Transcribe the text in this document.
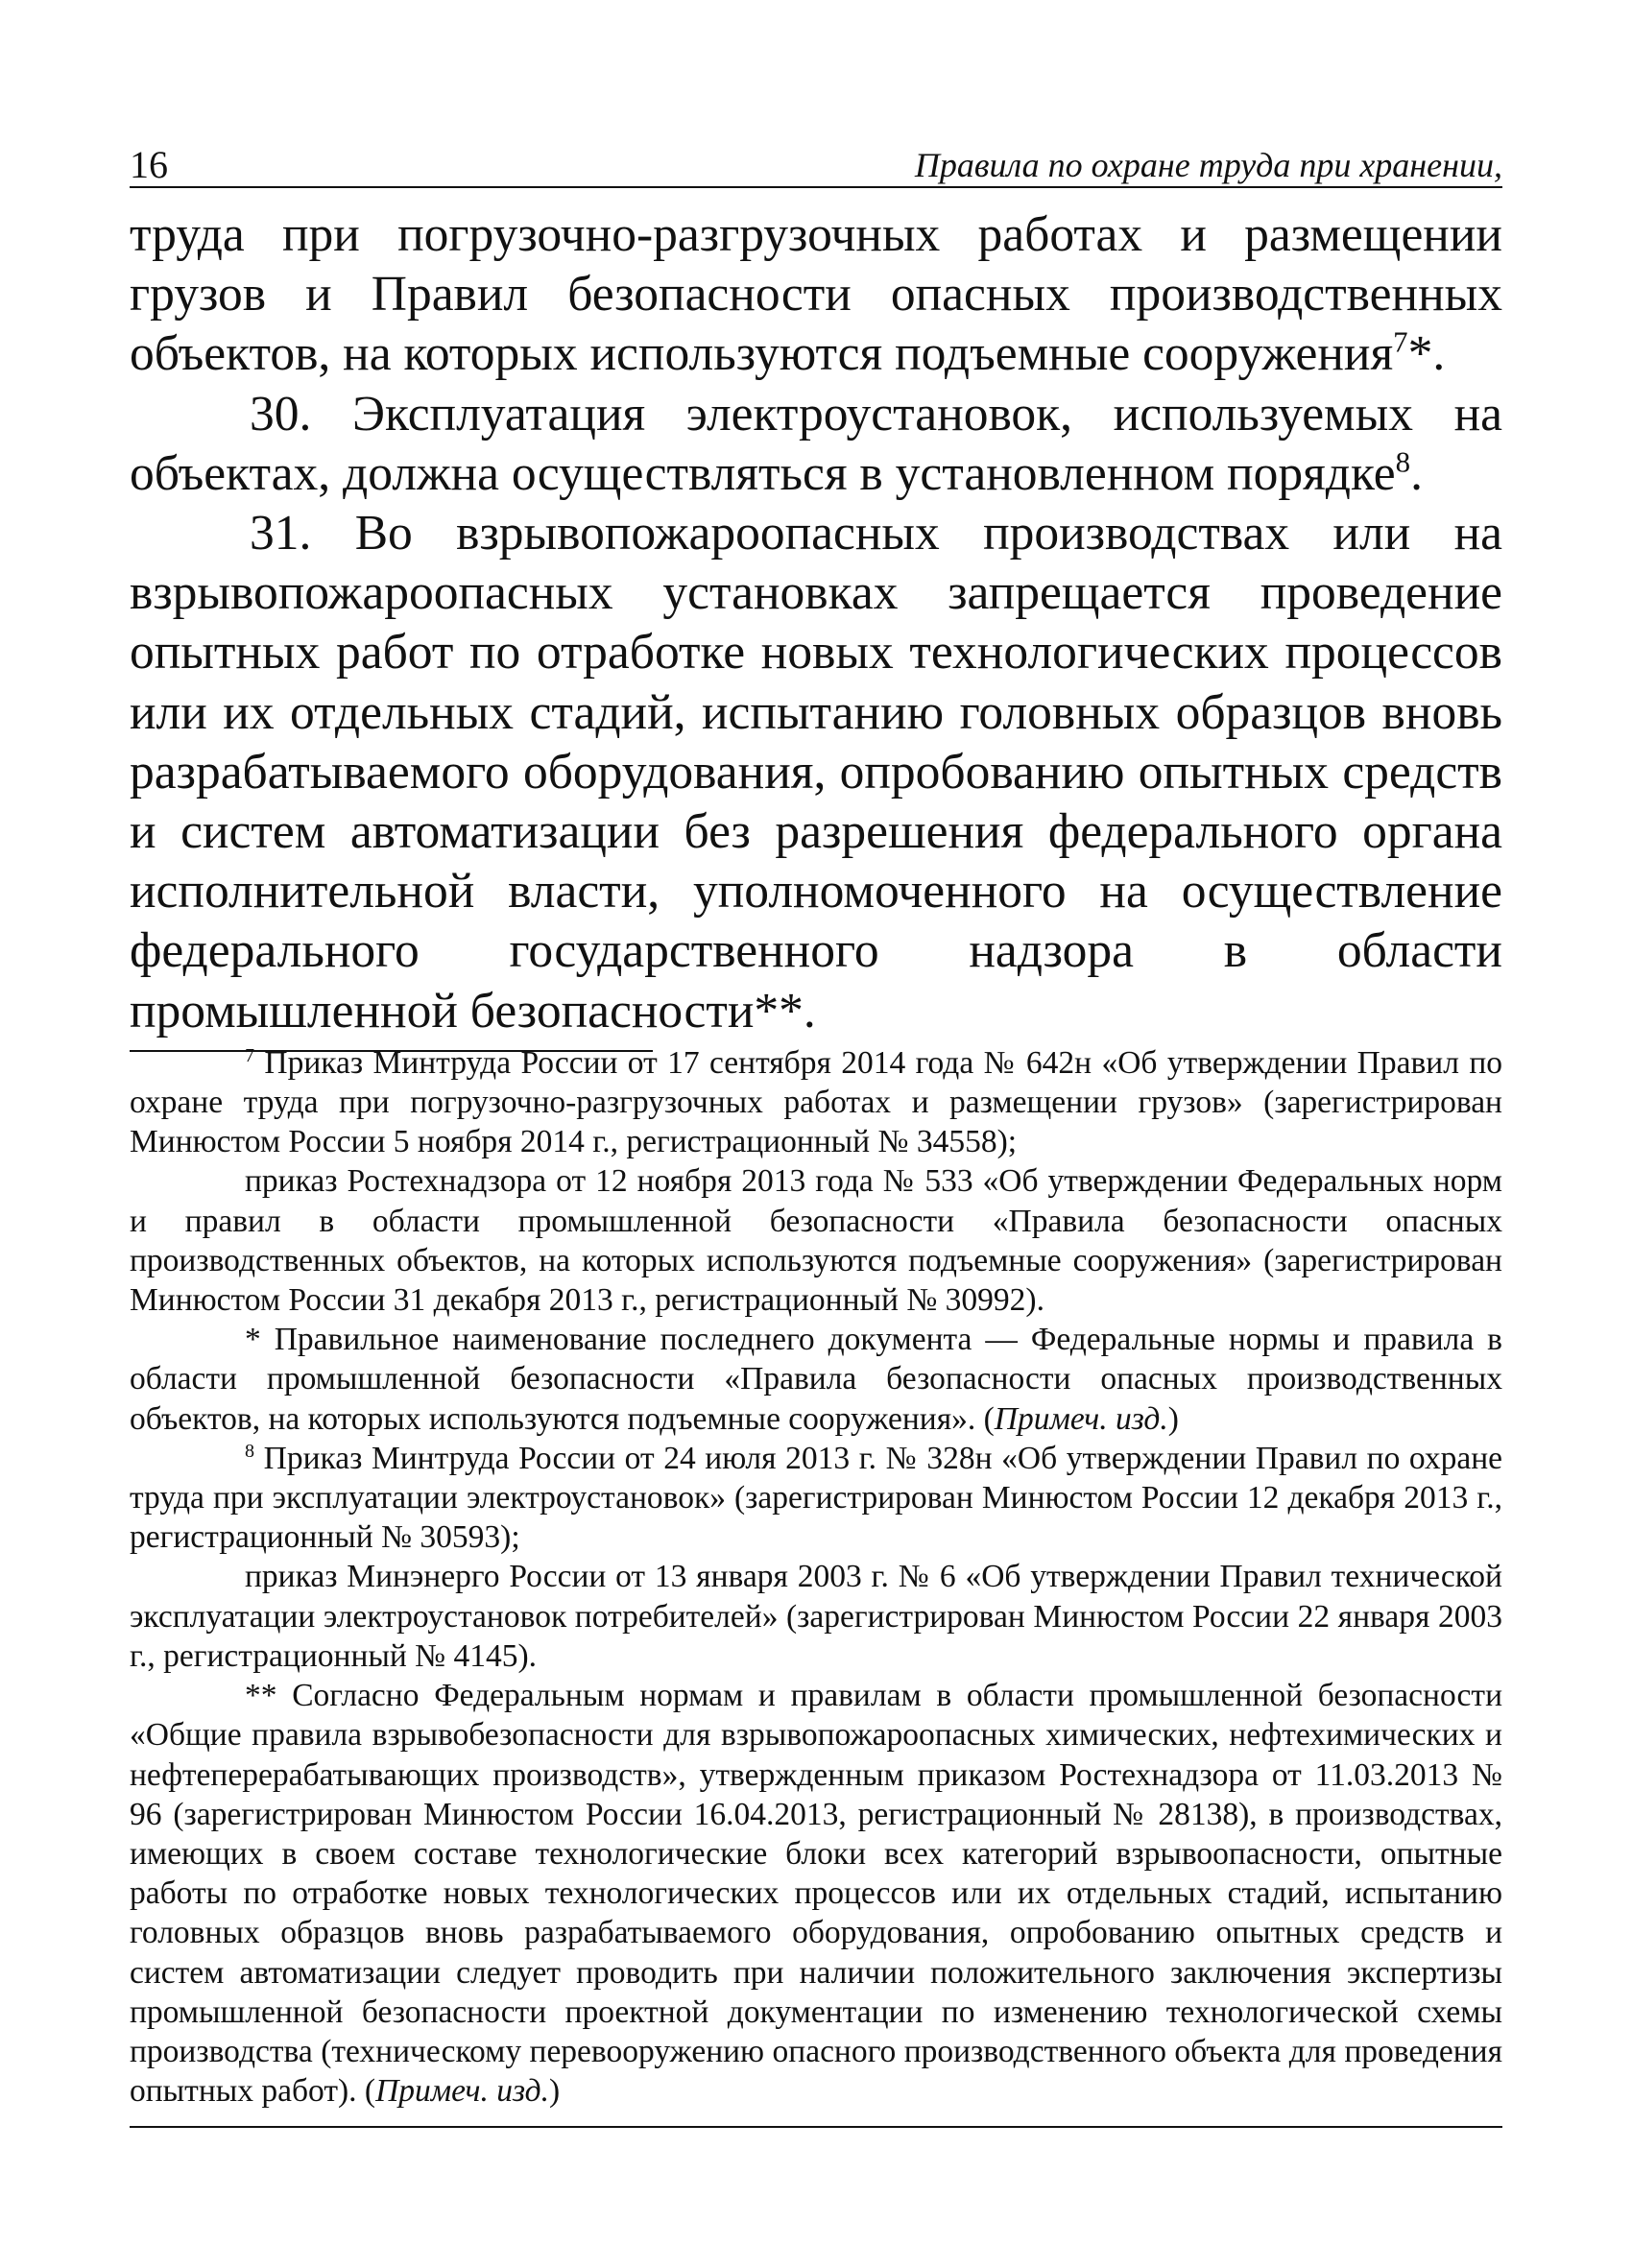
16	Правила по охране труда при хранении,

труда при погрузочно-разгрузочных работах и размещении грузов и Правил безопасности опасных производственных объектов, на которых используются подъемные сооружения$^7$*.

30. Эксплуатация электроустановок, используемых на объектах, должна осуществляться в установленном порядке$^8$.

31. Во взрывопожароопасных производствах или на взрывопожароопасных установках запрещается проведение опытных работ по отработке новых технологических процессов или их отдельных стадий, испытанию головных образцов вновь разрабатываемого оборудования, опробованию опытных средств и систем автоматизации без разрешения федерального органа исполнительной власти, уполномоченного на осуществление федерального государственного надзора в области промышленной безопасности**.

$^7$ Приказ Минтруда России от 17 сентября 2014 года № 642н «Об утверждении Правил по охране труда при погрузочно-разгрузочных работах и размещении грузов» (зарегистрирован Минюстом России 5 ноября 2014 г., регистрационный № 34558);

приказ Ростехнадзора от 12 ноября 2013 года № 533 «Об утверждении Федеральных норм и правил в области промышленной безопасности «Правила безопасности опасных производственных объектов, на которых используются подъемные сооружения» (зарегистрирован Минюстом России 31 декабря 2013 г., регистрационный № 30992).

* Правильное наименование последнего документа — Федеральные нормы и правила в области промышленной безопасности «Правила безопасности опасных производственных объектов, на которых используются подъемные сооружения». (Примеч. изд.)

$^8$ Приказ Минтруда России от 24 июля 2013 г. № 328н «Об утверждении Правил по охране труда при эксплуатации электроустановок» (зарегистрирован Минюстом России 12 декабря 2013 г., регистрационный № 30593);

приказ Минэнерго России от 13 января 2003 г. № 6 «Об утверждении Правил технической эксплуатации электроустановок потребителей» (зарегистрирован Минюстом России 22 января 2003 г., регистрационный № 4145).

** Согласно Федеральным нормам и правилам в области промышленной безопасности «Общие правила взрывобезопасности для взрывопожароопасных химических, нефтехимических и нефтеперерабатывающих производств», утвержденным приказом Ростехнадзора от 11.03.2013 № 96 (зарегистрирован Минюстом России 16.04.2013, регистрационный № 28138), в производствах, имеющих в своем составе технологические блоки всех категорий взрывоопасности, опытные работы по отработке новых технологических процессов или их отдельных стадий, испытанию головных образцов вновь разрабатываемого оборудования, опробованию опытных средств и систем автоматизации следует проводить при наличии положительного заключения экспертизы промышленной безопасности проектной документации по изменению технологической схемы производства (техническому перевооружению опасного производственного объекта для проведения опытных работ). (Примеч. изд.)
